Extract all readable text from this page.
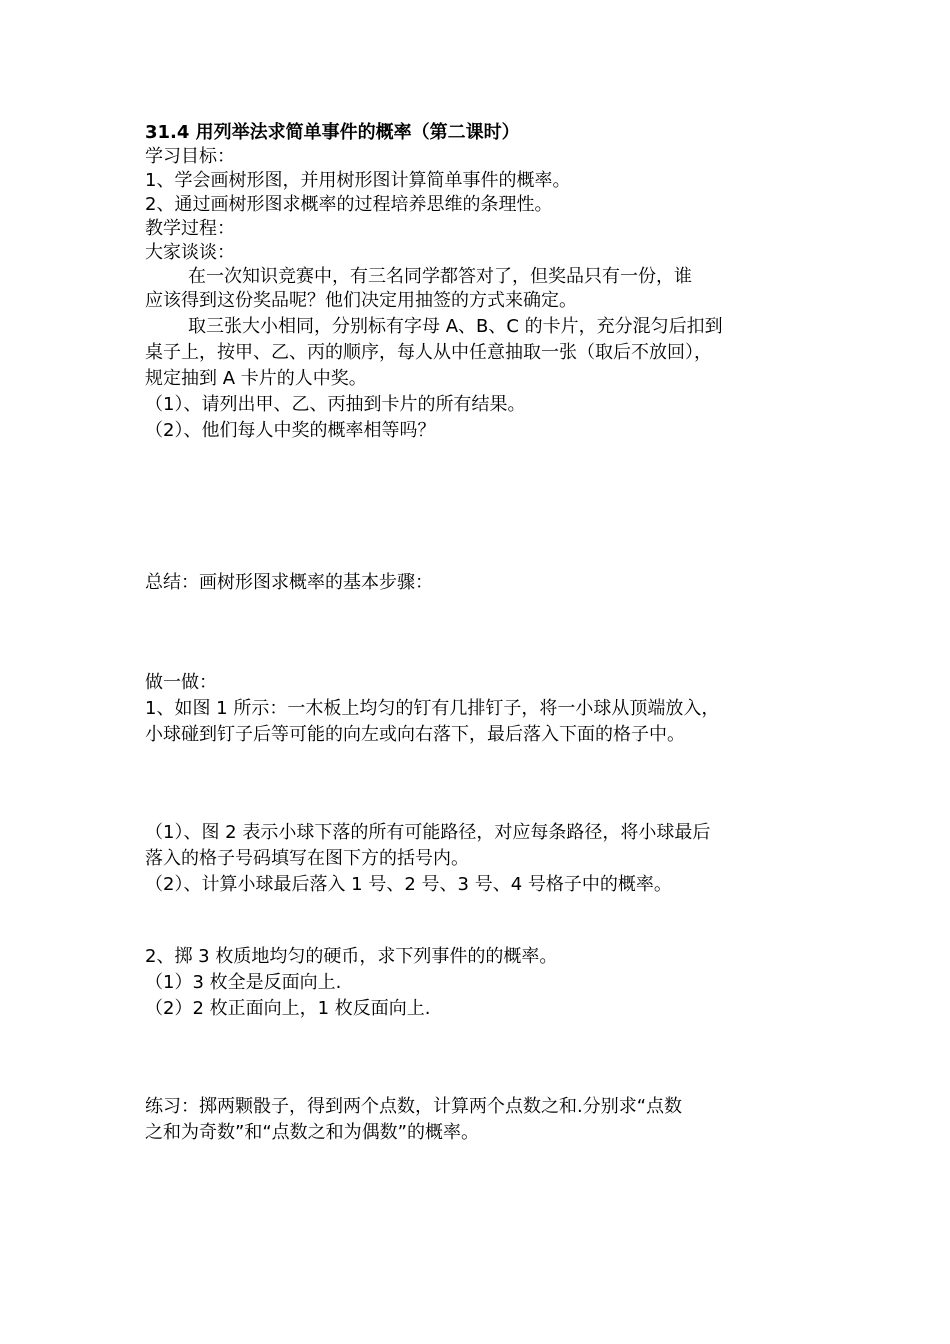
31.4 用列举法求简单事件的概率（第二课时）

学习目标：

1、学会画树形图，并用树形图计算简单事件的概率。

2、通过画树形图求概率的过程培养思维的条理性。

教学过程：

大家谈谈：

在一次知识竞赛中，有三名同学都答对了，但奖品只有一份，谁

应该得到这份奖品呢？他们决定用抽签的方式来确定。

取三张大小相同，分别标有字母 A、B、C 的卡片，充分混匀后扣到

桌子上，按甲、乙、丙的顺序，每人从中任意抽取一张（取后不放回），

规定抽到 A 卡片的人中奖。

（1）、请列出甲、乙、丙抽到卡片的所有结果。

（2）、他们每人中奖的概率相等吗？

总结：画树形图求概率的基本步骤：

做一做：

1、如图 1 所示：一木板上均匀的钉有几排钉子，将一小球从顶端放入，

小球碰到钉子后等可能的向左或向右落下，最后落入下面的格子中。

（1）、图 2 表示小球下落的所有可能路径，对应每条路径，将小球最后

落入的格子号码填写在图下方的括号内。

（2）、计算小球最后落入 1 号、2 号、3 号、4 号格子中的概率。

2、掷 3 枚质地均匀的硬币，求下列事件的的概率。

（1）3 枚全是反面向上.

（2）2 枚正面向上，1 枚反面向上.

练习：掷两颗骰子，得到两个点数，计算两个点数之和.分别求“点数

之和为奇数”和“点数之和为偶数”的概率。
